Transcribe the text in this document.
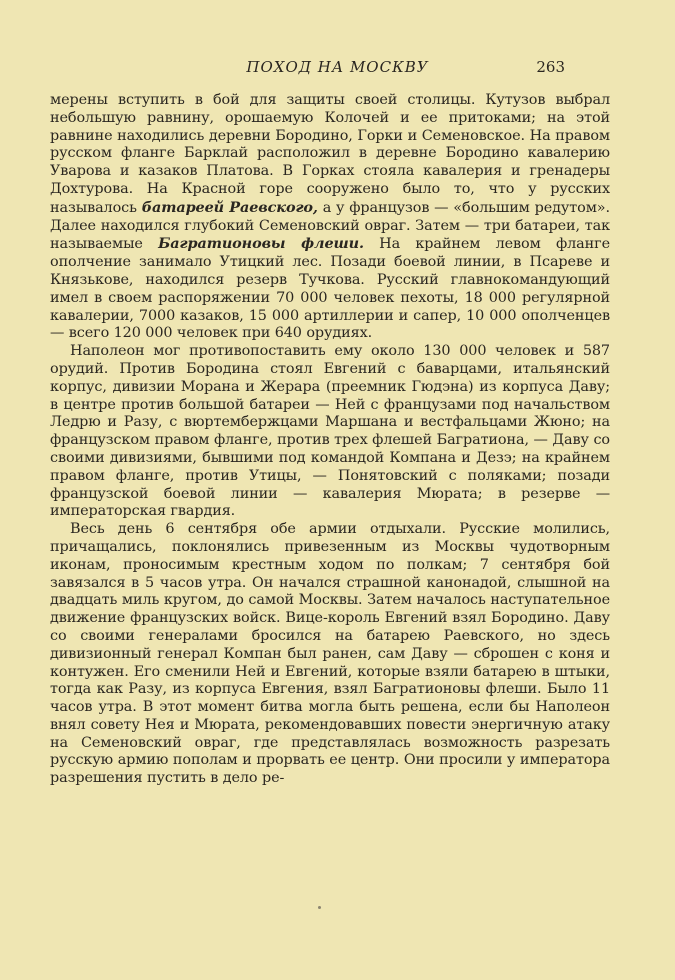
ПОХОД НА МОСКВУ	263

мерены вступить в бой для защиты своей столицы. Кутузов выбрал небольшую равнину, орошаемую Колочей и ее притоками; на этой равнине находились деревни Бородино, Горки и Семеновское. На правом русском фланге Барклай расположил в деревне Бородино кавалерию Уварова и казаков Платова. В Горках стояла кавалерия и гренадеры Дохтурова. На Красной горе сооружено было то, что у русских называлось батареей Раевского, а у французов — «большим редутом». Далее находился глубокий Семеновский овраг. Затем — три батареи, так называемые Багратионовы флеши. На крайнем левом фланге ополчение занимало Утицкий лес. Позади боевой линии, в Псареве и Князькове, находился резерв Тучкова. Русский главнокомандующий имел в своем распоряжении 70 000 человек пехоты, 18 000 регулярной кавалерии, 7000 казаков, 15 000 артиллерии и сапер, 10 000 ополченцев — всего 120 000 человек при 640 орудиях.

Наполеон мог противопоставить ему около 130 000 человек и 587 орудий. Против Бородина стоял Евгений с баварцами, итальянский корпус, дивизии Морана и Жерара (преемник Гюдэна) из корпуса Даву; в центре против большой батареи — Ней с французами под начальством Ледрю и Разу, с вюртембержцами Маршана и вестфальцами Жюно; на французском правом фланге, против трех флешей Багратиона, — Даву со своими дивизиями, бывшими под командой Компана и Дезэ; на крайнем правом фланге, против Утицы, — Понятовский с поляками; позади французской боевой линии — кавалерия Мюрата; в резерве — императорская гвардия.

Весь день 6 сентября обе армии отдыхали. Русские молились, причащались, поклонялись привезенным из Москвы чудотворным иконам, проносимым крестным ходом по полкам; 7 сентября бой завязался в 5 часов утра. Он начался страшной канонадой, слышной на двадцать миль кругом, до самой Москвы. Затем началось наступательное движение французских войск. Вице-король Евгений взял Бородино. Даву со своими генералами бросился на батарею Раевского, но здесь дивизионный генерал Компан был ранен, сам Даву — сброшен с коня и контужен. Его сменили Ней и Евгений, которые взяли батарею в штыки, тогда как Разу, из корпуса Евгения, взял Багратионовы флеши. Было 11 часов утра. В этот момент битва могла быть решена, если бы Наполеон внял совету Нея и Мюрата, рекомендовавших повести энергичную атаку на Семеновский овраг, где представлялась возможность разрезать русскую армию пополам и прорвать ее центр. Они просили у императора разрешения пустить в дело ре-
